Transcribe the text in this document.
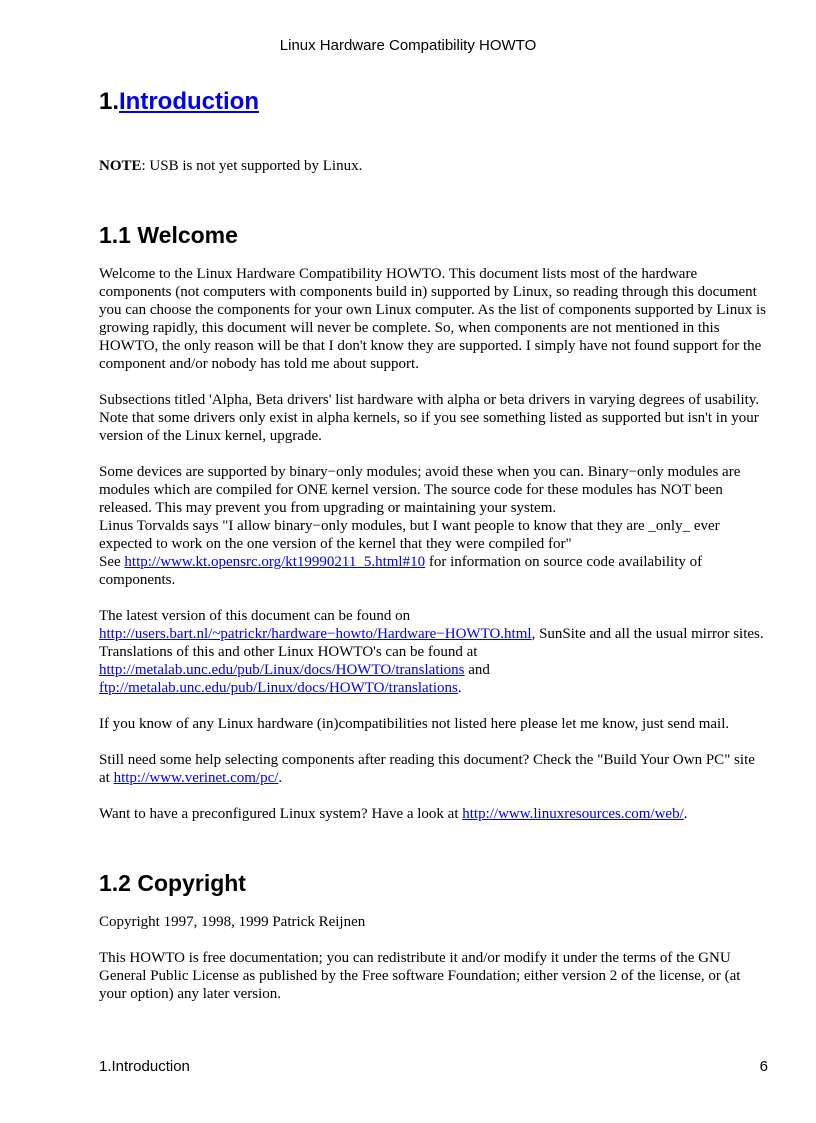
Linux Hardware Compatibility HOWTO
1.Introduction

NOTE: USB is not yet supported by Linux.

1.1 Welcome

Welcome to the Linux Hardware Compatibility HOWTO. This document lists most of the hardware components (not computers with components build in) supported by Linux, so reading through this document you can choose the components for your own Linux computer. As the list of components supported by Linux is growing rapidly, this document will never be complete. So, when components are not mentioned in this HOWTO, the only reason will be that I don't know they are supported. I simply have not found support for the component and/or nobody has told me about support.

Subsections titled 'Alpha, Beta drivers' list hardware with alpha or beta drivers in varying degrees of usability. Note that some drivers only exist in alpha kernels, so if you see something listed as supported but isn't in your version of the Linux kernel, upgrade.

Some devices are supported by binary−only modules; avoid these when you can. Binary−only modules are modules which are compiled for ONE kernel version. The source code for these modules has NOT been released. This may prevent you from upgrading or maintaining your system.
Linus Torvalds says "I allow binary−only modules, but I want people to know that they are _only_ ever expected to work on the one version of the kernel that they were compiled for"
See http://www.kt.opensrc.org/kt19990211_5.html#10 for information on source code availability of components.

The latest version of this document can be found on
http://users.bart.nl/~patrickr/hardware−howto/Hardware−HOWTO.html, SunSite and all the usual mirror sites. Translations of this and other Linux HOWTO's can be found at
http://metalab.unc.edu/pub/Linux/docs/HOWTO/translations and
ftp://metalab.unc.edu/pub/Linux/docs/HOWTO/translations.

If you know of any Linux hardware (in)compatibilities not listed here please let me know, just send mail.

Still need some help selecting components after reading this document? Check the "Build Your Own PC" site at http://www.verinet.com/pc/.

Want to have a preconfigured Linux system? Have a look at http://www.linuxresources.com/web/.

1.2 Copyright

Copyright 1997, 1998, 1999 Patrick Reijnen

This HOWTO is free documentation; you can redistribute it and/or modify it under the terms of the GNU General Public License as published by the Free software Foundation; either version 2 of the license, or (at your option) any later version.

1.Introduction	6
